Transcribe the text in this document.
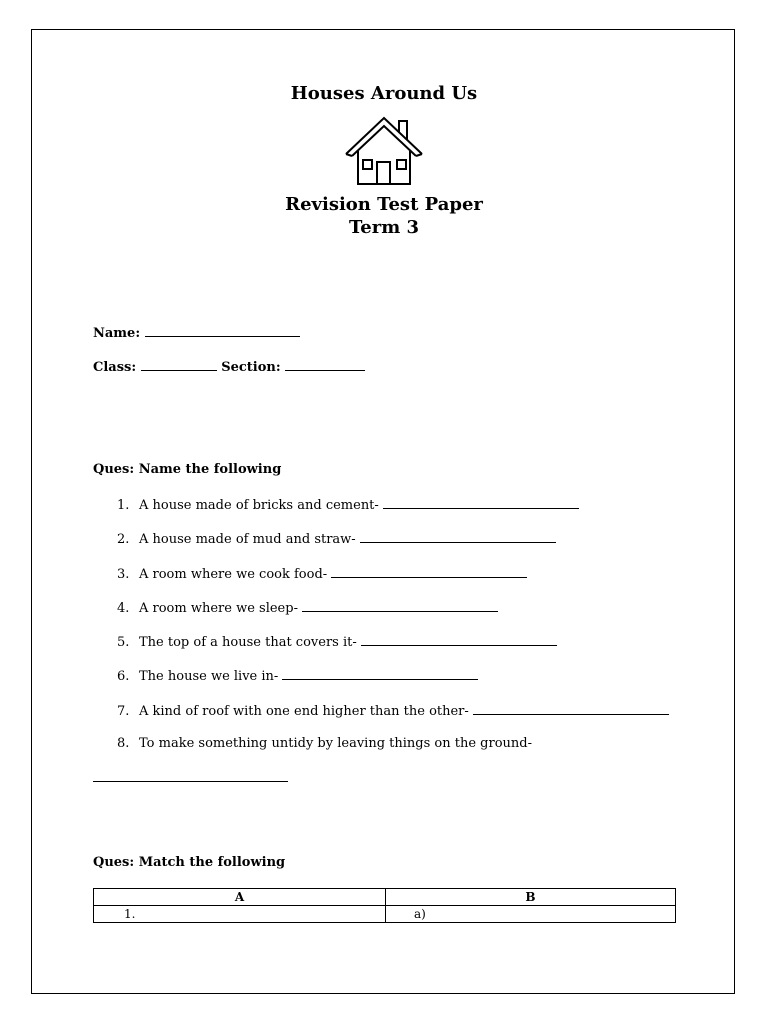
Houses Around Us
Revision Test Paper
Term 3
Name:
Class:	Section:
Ques: Name the following
1. A house made of bricks and cement-
2. A house made of mud and straw-
3. A room where we cook food-
4. A room where we sleep-
5. The top of a house that covers it-
6. The house we live in-
7. A kind of roof with one end higher than the other-
8. To make something untidy by leaving things on the ground-
Ques: Match the following
A	B
1.	a)
